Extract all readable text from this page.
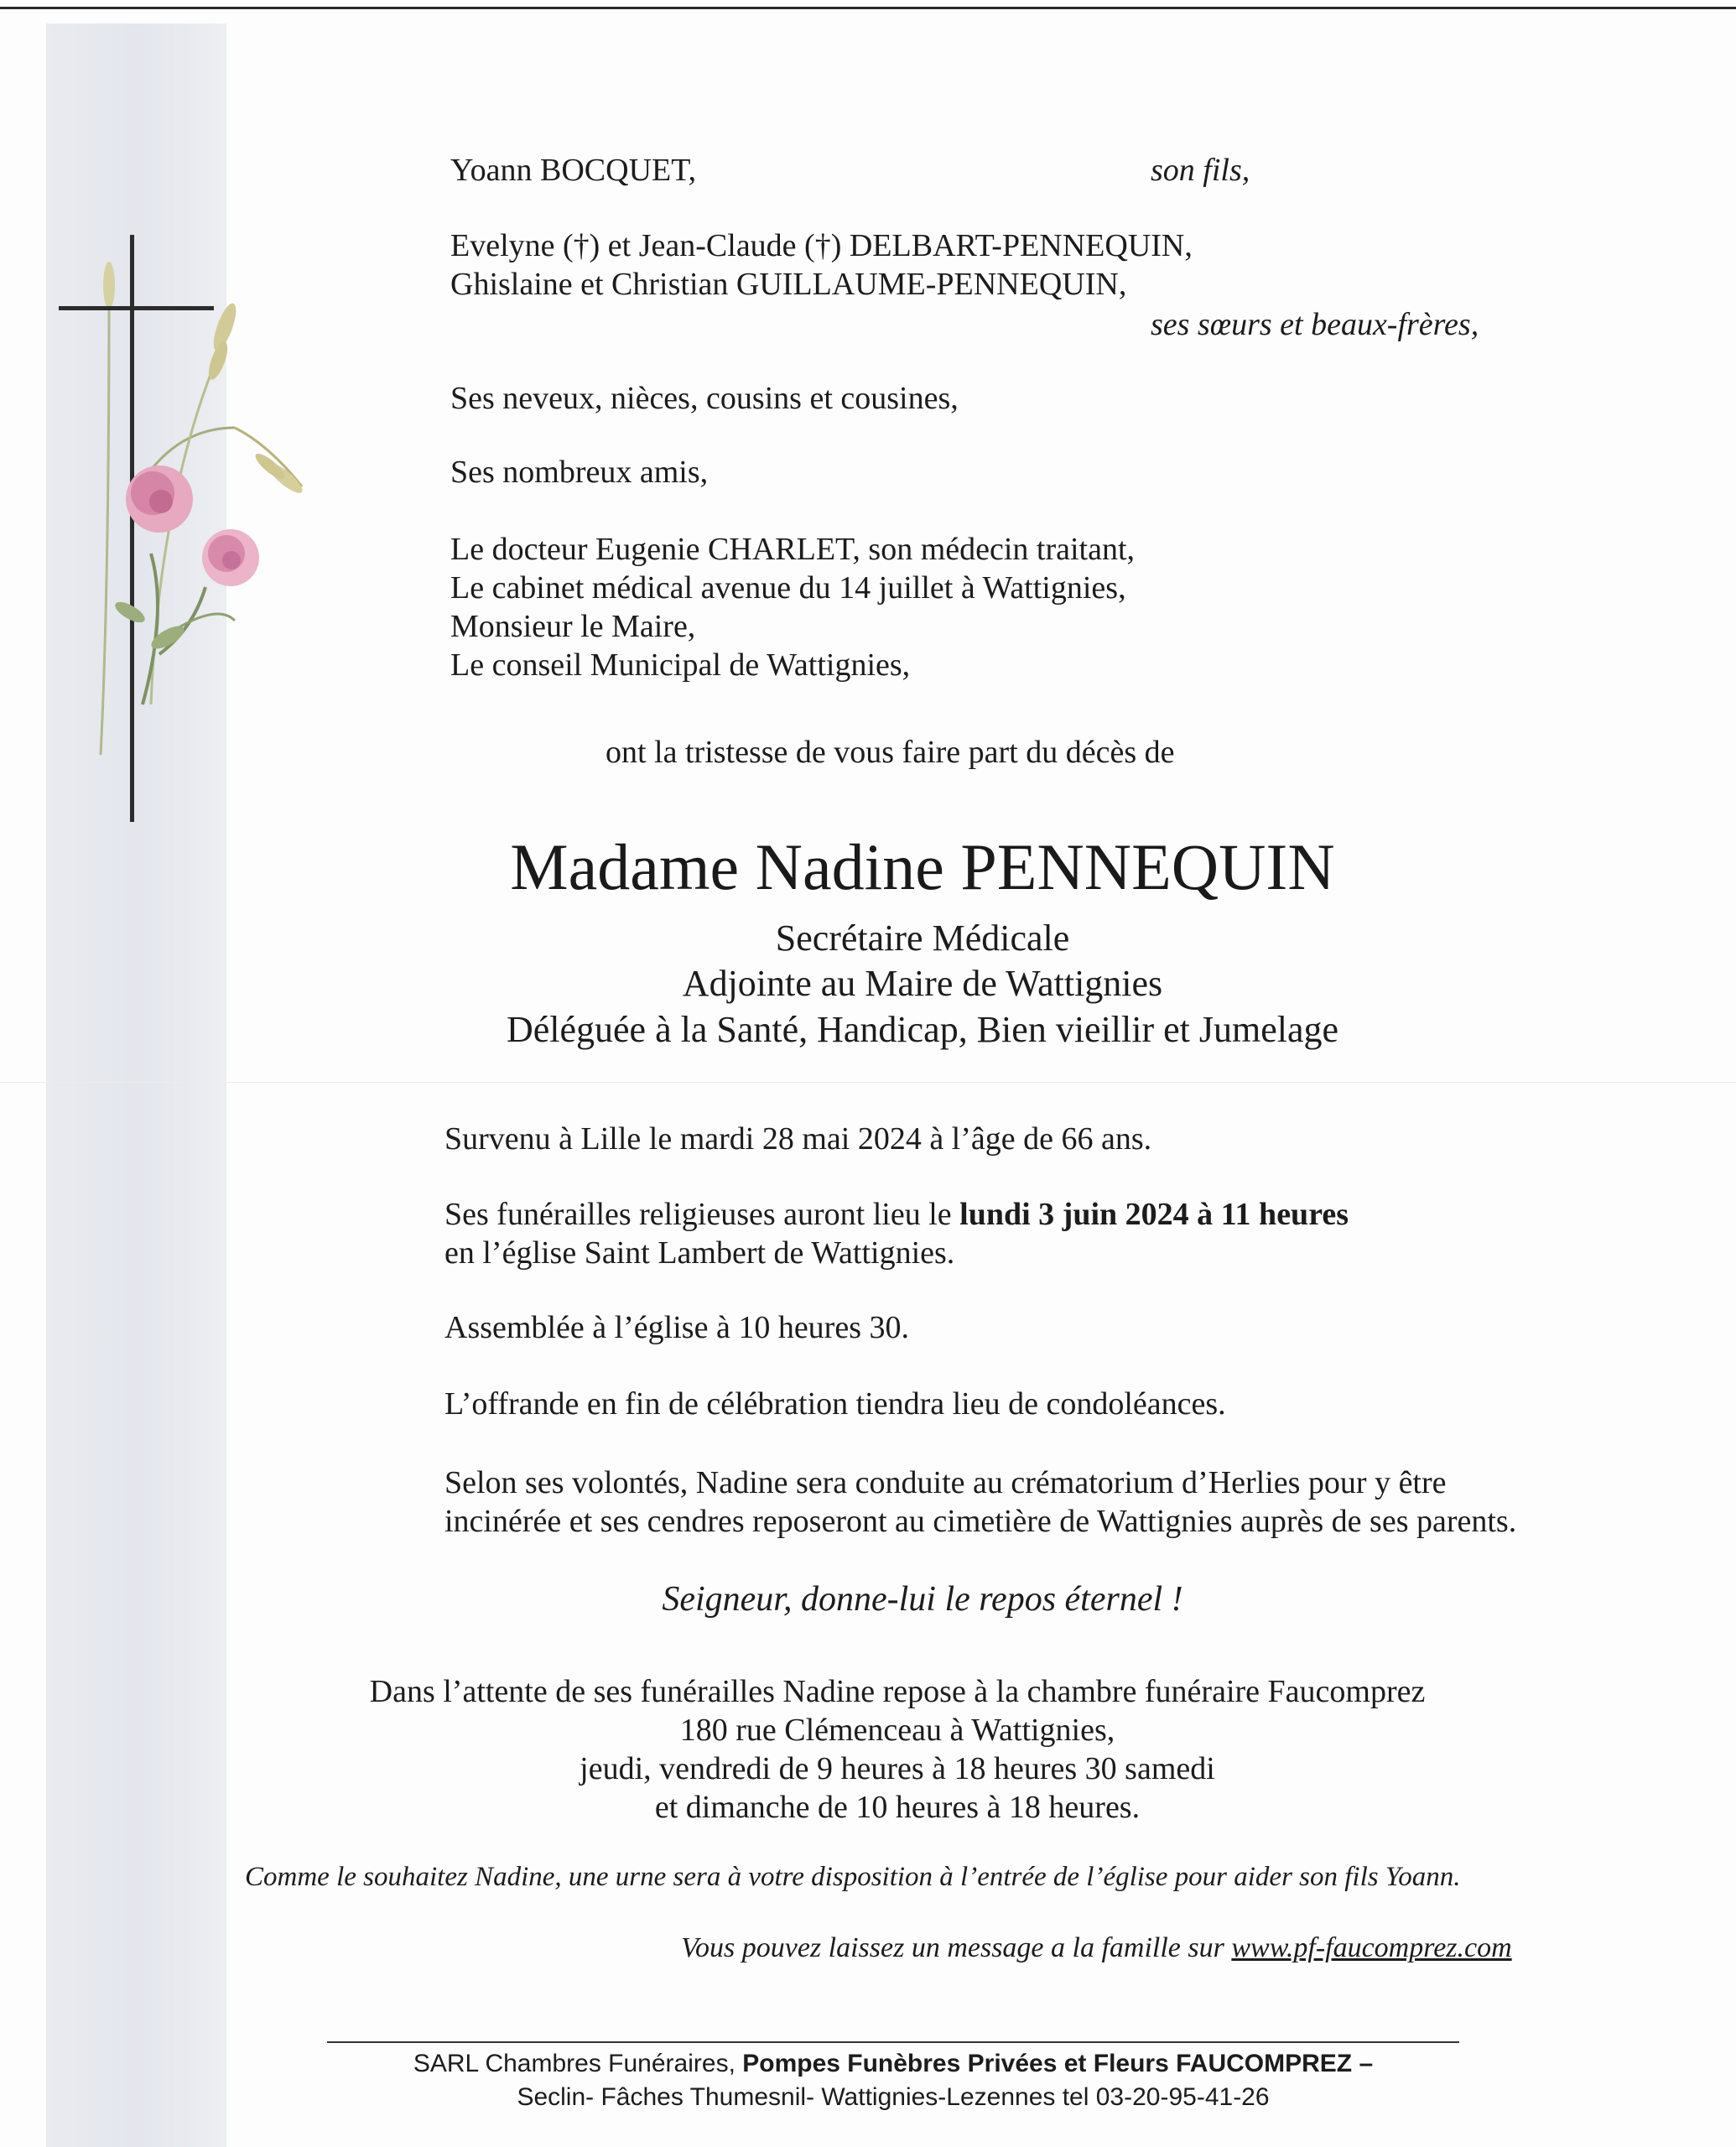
Yoann BOCQUET,	son fils,
Evelyne (†) et Jean-Claude (†) DELBART-PENNEQUIN,
Ghislaine et Christian GUILLAUME-PENNEQUIN,
ses sœurs et beaux-frères,
Ses neveux, nièces, cousins et cousines,
Ses nombreux amis,
Le docteur Eugenie CHARLET, son médecin traitant,
Le cabinet médical avenue du 14 juillet à Wattignies,
Monsieur le Maire,
Le conseil Municipal de Wattignies,
ont la tristesse de vous faire part du décès de
Madame Nadine PENNEQUIN
Secrétaire Médicale
Adjointe au Maire de Wattignies
Déléguée à la Santé, Handicap, Bien vieillir et Jumelage
Survenu à Lille le mardi 28 mai 2024 à l’âge de 66 ans.
Ses funérailles religieuses auront lieu le lundi 3 juin 2024 à 11 heures
en l’église Saint Lambert de Wattignies.
Assemblée à l’église à 10 heures 30.
L’offrande en fin de célébration tiendra lieu de condoléances.
Selon ses volontés, Nadine sera conduite au crématorium d’Herlies pour y être
incinérée et ses cendres reposeront au cimetière de Wattignies auprès de ses parents.
Seigneur, donne-lui le repos éternel !
Dans l’attente de ses funérailles Nadine repose à la chambre funéraire Faucomprez
180 rue Clémenceau à Wattignies,
jeudi, vendredi de 9 heures à 18 heures 30 samedi
et dimanche de 10 heures à 18 heures.
Comme le souhaitez Nadine, une urne sera à votre disposition à l’entrée de l’église pour aider son fils Yoann.
Vous pouvez laissez un message a la famille sur www.pf-faucomprez.com
SARL Chambres Funéraires, Pompes Funèbres Privées et Fleurs FAUCOMPREZ –
Seclin- Fâches Thumesnil- Wattignies-Lezennes tel 03-20-95-41-26
